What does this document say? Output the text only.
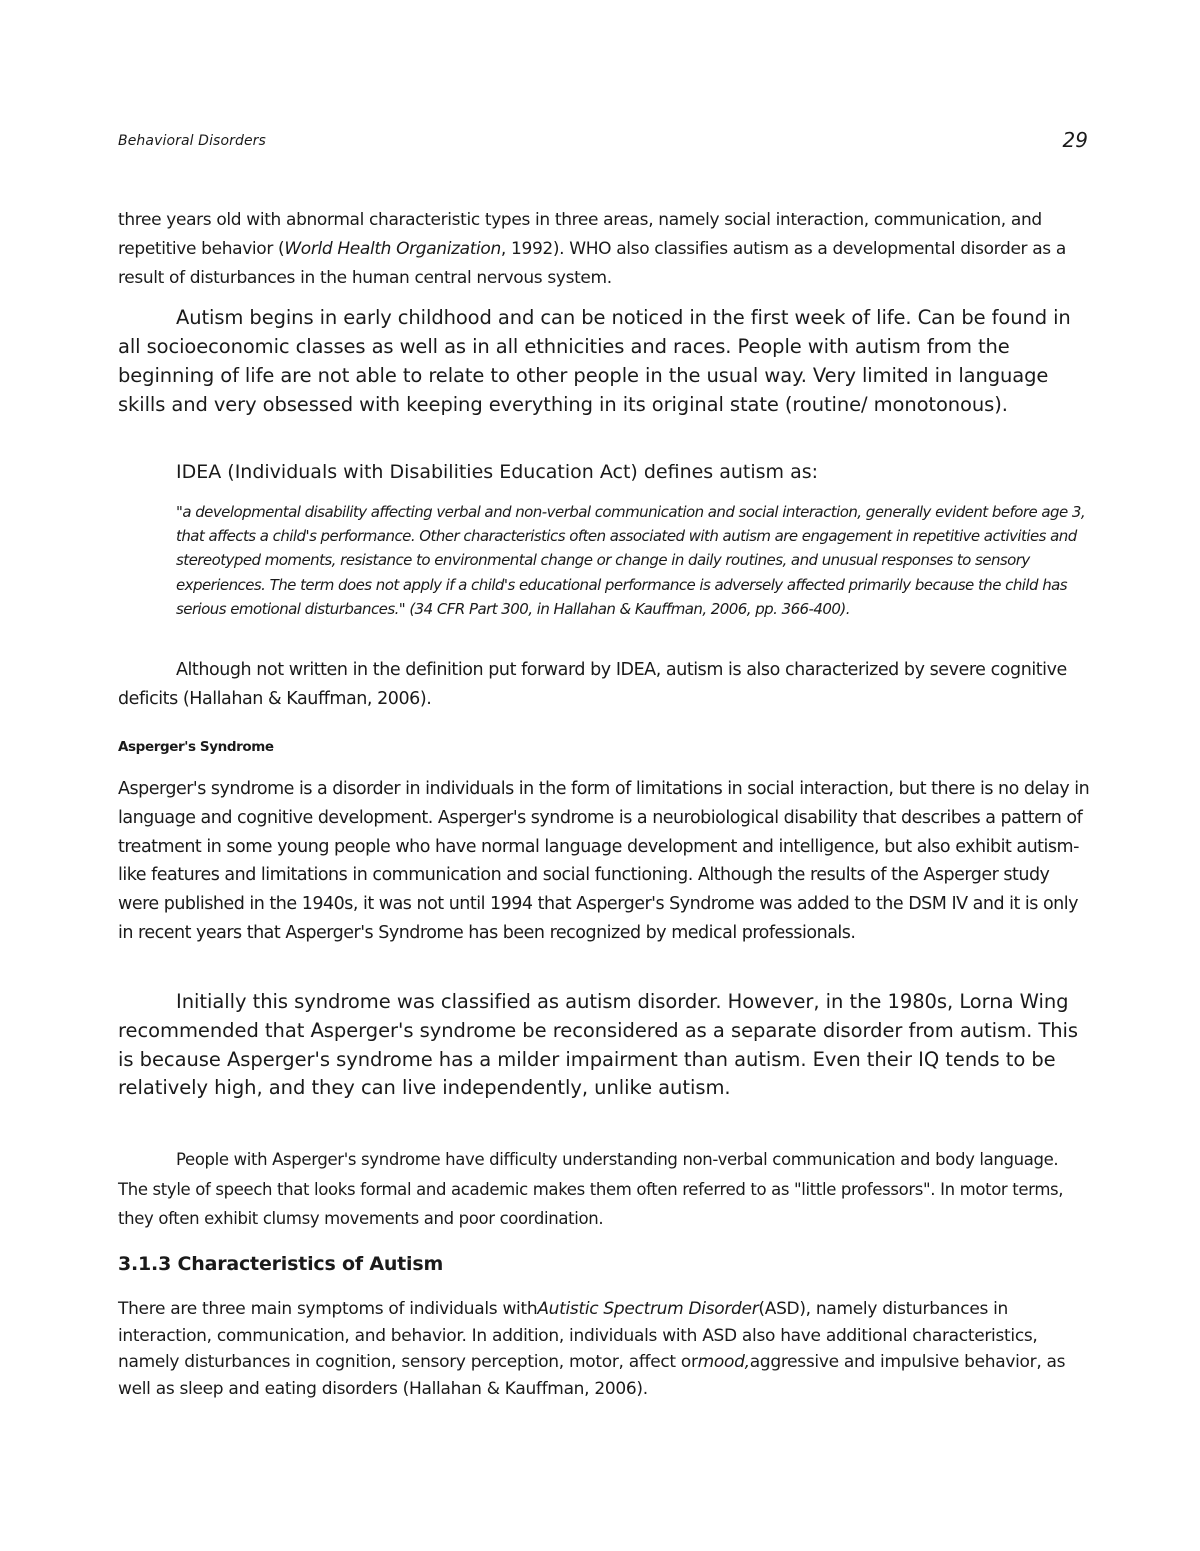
Behavioral Disorders	29

three years old with abnormal characteristic types in three areas, namely social interaction, communication, and repetitive behavior (World Health Organization, 1992). WHO also classifies autism as a developmental disorder as a result of disturbances in the human central nervous system.

Autism begins in early childhood and can be noticed in the first week of life. Can be found in all socioeconomic classes as well as in all ethnicities and races. People with autism from the beginning of life are not able to relate to other people in the usual way. Very limited in language skills and very obsessed with keeping everything in its original state (routine/ monotonous).

IDEA (Individuals with Disabilities Education Act) defines autism as:

"a developmental disability affecting verbal and non-verbal communication and social interaction, generally evident before age 3, that affects a child's performance. Other characteristics often associated with autism are engagement in repetitive activities and stereotyped moments, resistance to environmental change or change in daily routines, and unusual responses to sensory experiences. The term does not apply if a child's educational performance is adversely affected primarily because the child has serious emotional disturbances." (34 CFR Part 300, in Hallahan & Kauffman, 2006, pp. 366-400).

Although not written in the definition put forward by IDEA, autism is also characterized by severe cognitive deficits (Hallahan & Kauffman, 2006).

Asperger's Syndrome

Asperger's syndrome is a disorder in individuals in the form of limitations in social interaction, but there is no delay in language and cognitive development. Asperger's syndrome is a neurobiological disability that describes a pattern of treatment in some young people who have normal language development and intelligence, but also exhibit autism-like features and limitations in communication and social functioning. Although the results of the Asperger study were published in the 1940s, it was not until 1994 that Asperger's Syndrome was added to the DSM IV and it is only in recent years that Asperger's Syndrome has been recognized by medical professionals.

Initially this syndrome was classified as autism disorder. However, in the 1980s, Lorna Wing recommended that Asperger's syndrome be reconsidered as a separate disorder from autism. This is because Asperger's syndrome has a milder impairment than autism. Even their IQ tends to be relatively high, and they can live independently, unlike autism.

People with Asperger's syndrome have difficulty understanding non-verbal communication and body language. The style of speech that looks formal and academic makes them often referred to as "little professors". In motor terms, they often exhibit clumsy movements and poor coordination.

3.1.3 Characteristics of Autism

There are three main symptoms of individuals withAutistic Spectrum Disorder(ASD), namely disturbances in interaction, communication, and behavior. In addition, individuals with ASD also have additional characteristics, namely disturbances in cognition, sensory perception, motor, affect ormood,aggressive and impulsive behavior, as well as sleep and eating disorders (Hallahan & Kauffman, 2006).
